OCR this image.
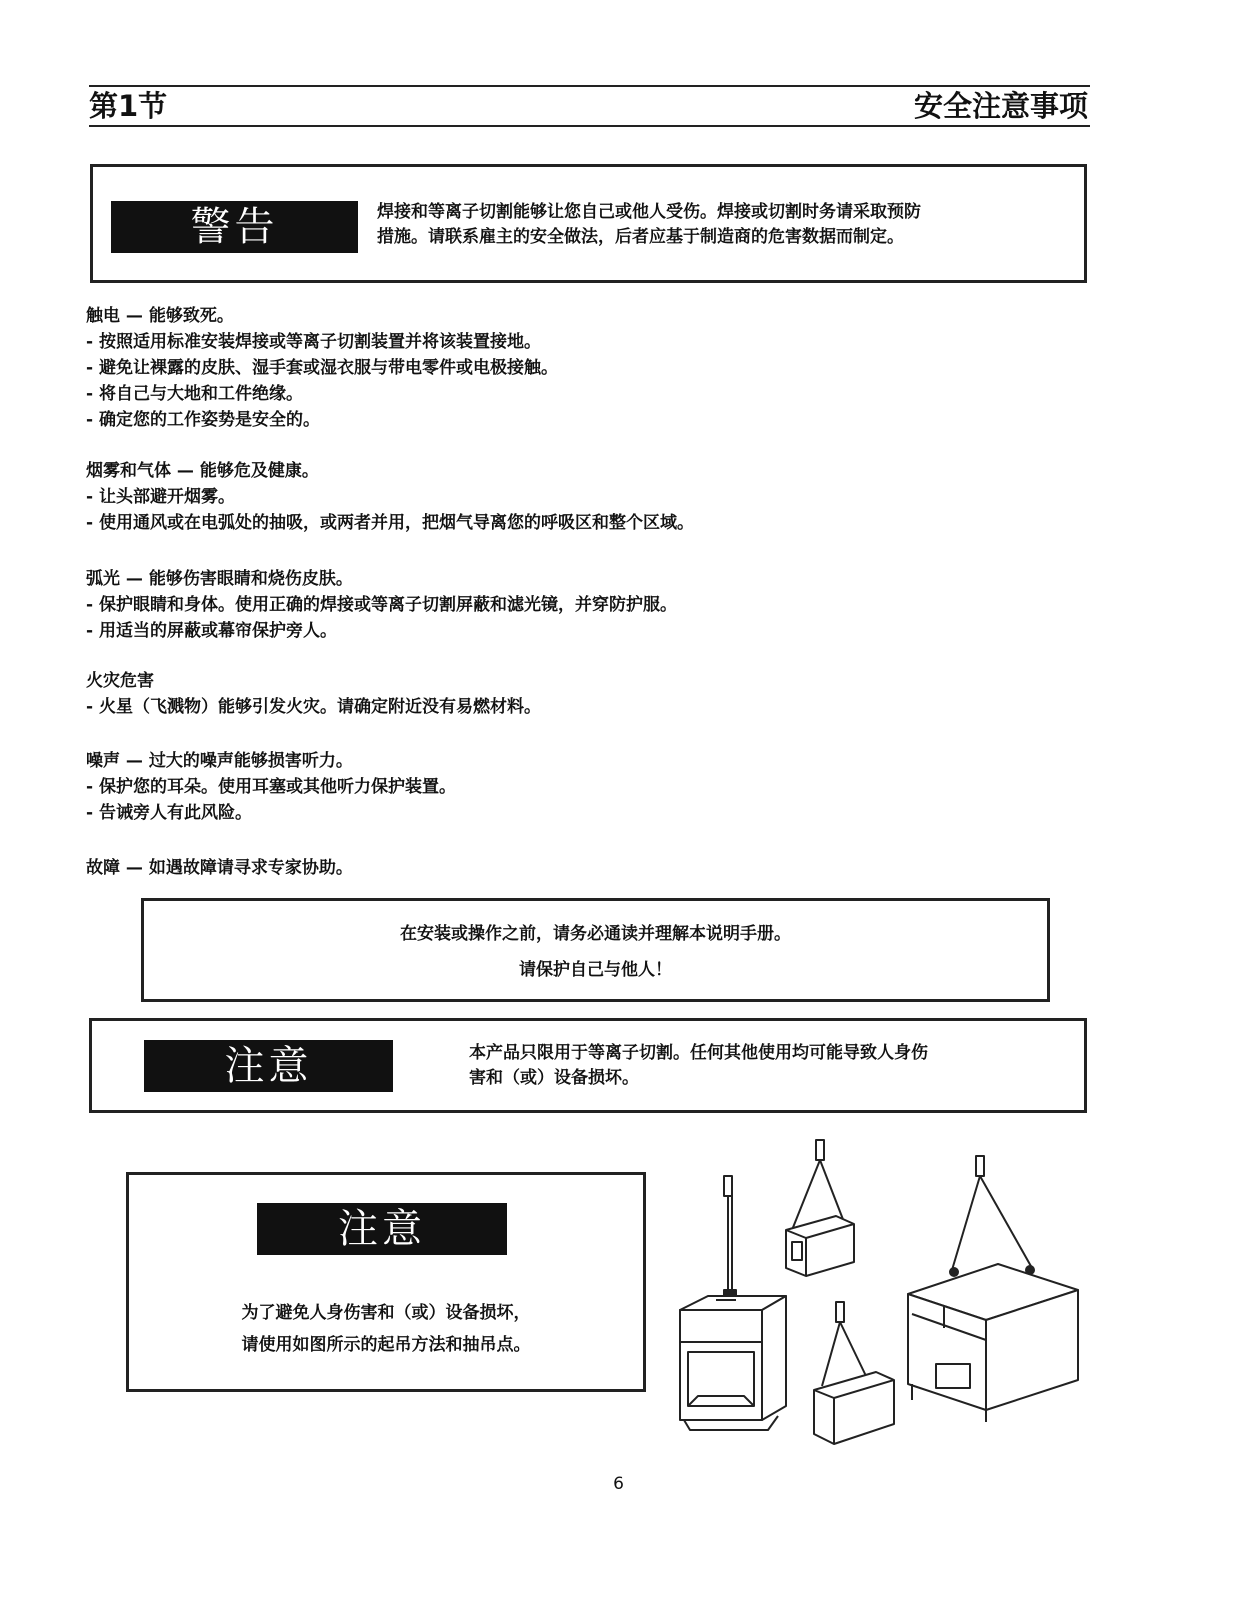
第1节	安全注意事项
警告	焊接和等离子切割能够让您自己或他人受伤。焊接或切割时务请采取预防
措施。请联系雇主的安全做法，后者应基于制造商的危害数据而制定。
触电 — 能够致死。
- 按照适用标准安装焊接或等离子切割装置并将该装置接地。
- 避免让裸露的皮肤、湿手套或湿衣服与带电零件或电极接触。
- 将自己与大地和工件绝缘。
- 确定您的工作姿势是安全的。
烟雾和气体 — 能够危及健康。
- 让头部避开烟雾。
- 使用通风或在电弧处的抽吸，或两者并用，把烟气导离您的呼吸区和整个区域。
弧光 — 能够伤害眼睛和烧伤皮肤。
- 保护眼睛和身体。使用正确的焊接或等离子切割屏蔽和滤光镜，并穿防护服。
- 用适当的屏蔽或幕帘保护旁人。
火灾危害
- 火星（飞溅物）能够引发火灾。请确定附近没有易燃材料。
噪声 — 过大的噪声能够损害听力。
- 保护您的耳朵。使用耳塞或其他听力保护装置。
- 告诫旁人有此风险。
故障 — 如遇故障请寻求专家协助。
在安装或操作之前，请务必通读并理解本说明手册。
请保护自己与他人！
注意	本产品只限用于等离子切割。任何其他使用均可能导致人身伤
害和（或）设备损坏。
注意
为了避免人身伤害和（或）设备损坏，
请使用如图所示的起吊方法和抽吊点。
6
